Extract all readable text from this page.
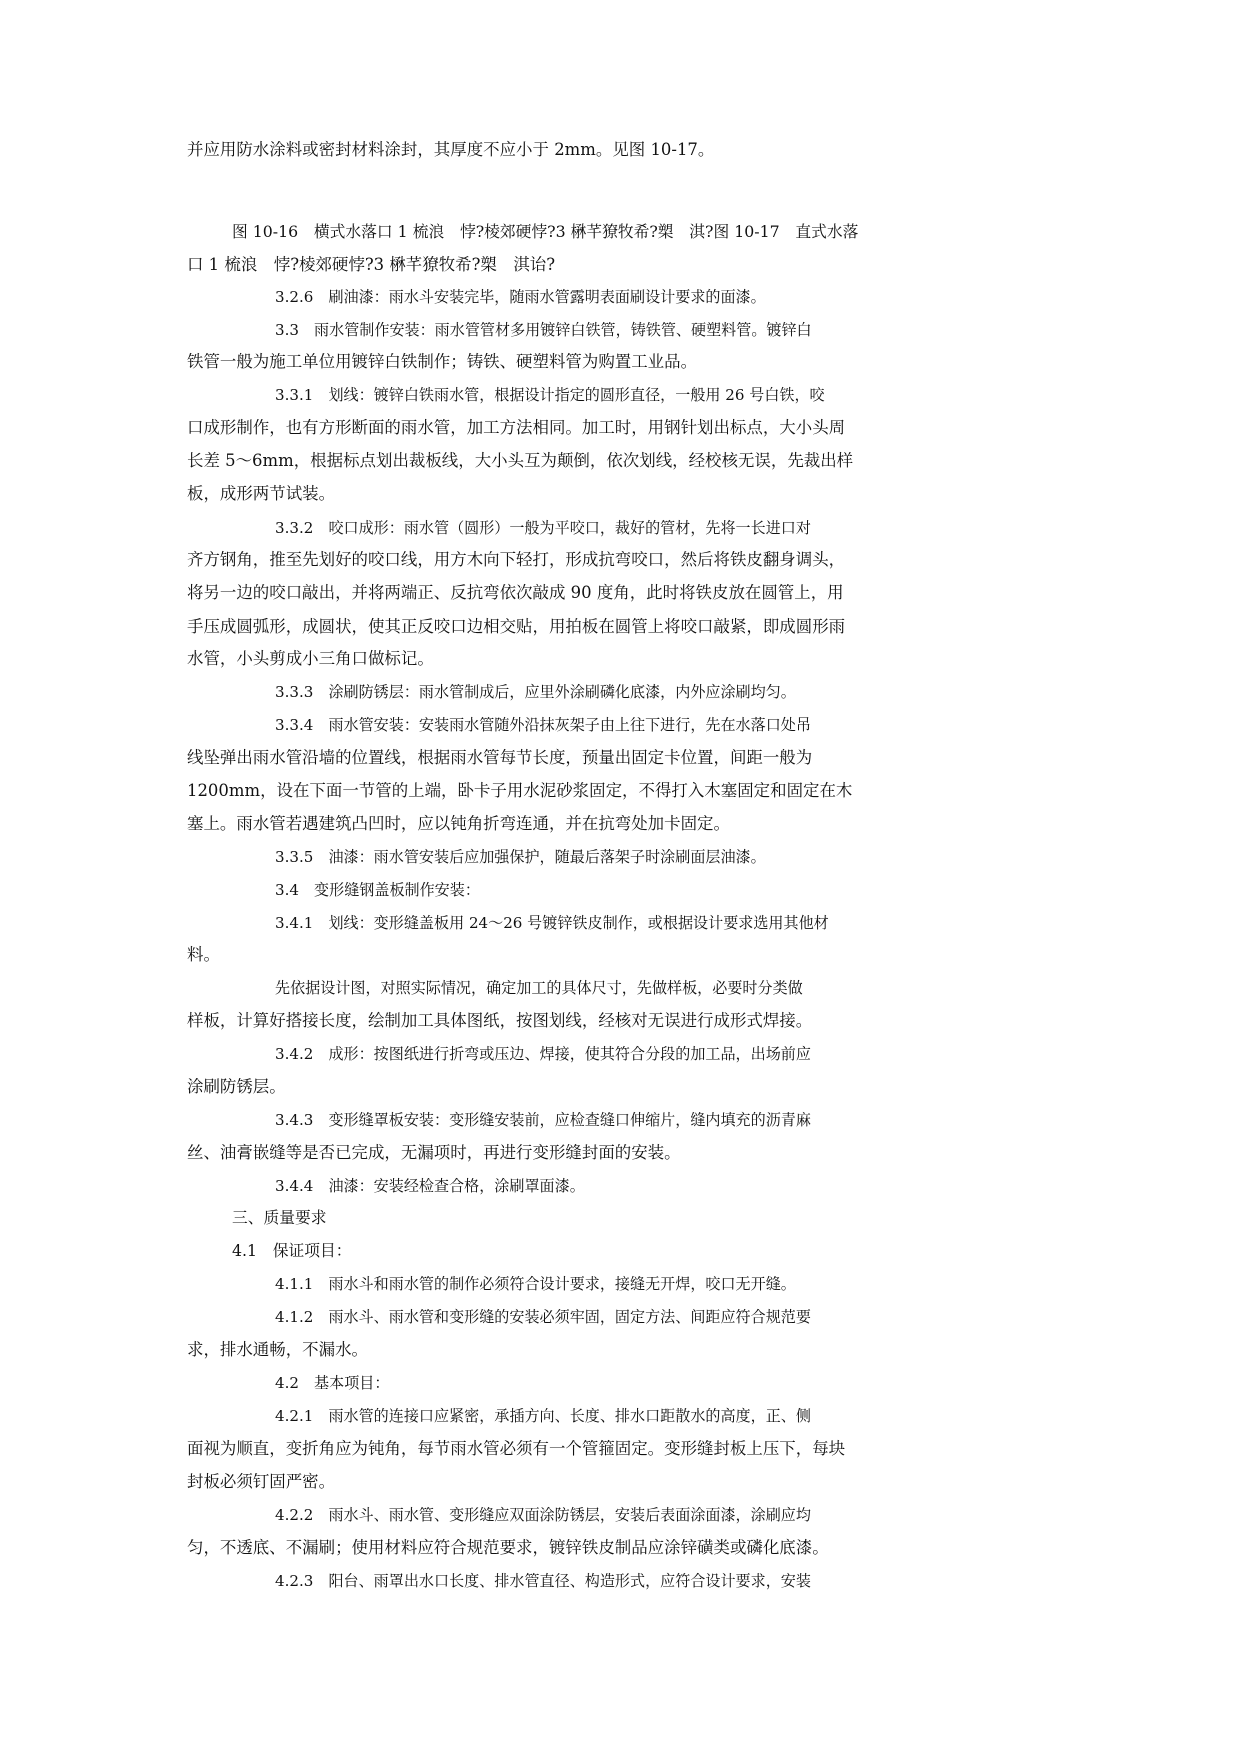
并应用防水涂料或密封材料涂封，其厚度不应小于 2mm。见图 10-17。
图 10-16　横式水落口 1 梳浪　悖?棱郊硬悖?3 楙芊獠牧希?槊　淇?图 10-17　直式水落
口 1 梳浪　悖?棱郊硬悖?3 楙芊獠牧希?槊　淇诒?
3.2.6　刷油漆：雨水斗安装完毕，随雨水管露明表面刷设计要求的面漆。
3.3　雨水管制作安装：雨水管管材多用镀锌白铁管，铸铁管、硬塑料管。镀锌白
铁管一般为施工单位用镀锌白铁制作；铸铁、硬塑料管为购置工业品。
3.3.1　划线：镀锌白铁雨水管，根据设计指定的圆形直径，一般用 26 号白铁，咬
口成形制作，也有方形断面的雨水管，加工方法相同。加工时，用钢针划出标点，大小头周
长差 5～6mm，根据标点划出裁板线，大小头互为颠倒，依次划线，经校核无误，先裁出样
板，成形两节试装。
3.3.2　咬口成形：雨水管（圆形）一般为平咬口，裁好的管材，先将一长进口对
齐方钢角，推至先划好的咬口线，用方木向下轻打，形成抗弯咬口，然后将铁皮翻身调头，
将另一边的咬口敲出，并将两端正、反抗弯依次敲成 90 度角，此时将铁皮放在圆管上，用
手压成圆弧形，成圆状，使其正反咬口边相交贴，用拍板在圆管上将咬口敲紧，即成圆形雨
水管，小头剪成小三角口做标记。
3.3.3　涂刷防锈层：雨水管制成后，应里外涂刷磷化底漆，内外应涂刷均匀。
3.3.4　雨水管安装：安装雨水管随外沿抹灰架子由上往下进行，先在水落口处吊
线坠弹出雨水管沿墙的位置线，根据雨水管每节长度，预量出固定卡位置，间距一般为
1200mm，设在下面一节管的上端，卧卡子用水泥砂浆固定，不得打入木塞固定和固定在木
塞上。雨水管若遇建筑凸凹时，应以钝角折弯连通，并在抗弯处加卡固定。
3.3.5　油漆：雨水管安装后应加强保护，随最后落架子时涂刷面层油漆。
3.4　变形缝钢盖板制作安装：
3.4.1　划线：变形缝盖板用 24～26 号镀锌铁皮制作，或根据设计要求选用其他材
料。
先依据设计图，对照实际情况，确定加工的具体尺寸，先做样板，必要时分类做
样板，计算好搭接长度，绘制加工具体图纸，按图划线，经核对无误进行成形式焊接。
3.4.2　成形：按图纸进行折弯或压边、焊接，使其符合分段的加工品，出场前应
涂刷防锈层。
3.4.3　变形缝罩板安装：变形缝安装前，应检查缝口伸缩片，缝内填充的沥青麻
丝、油膏嵌缝等是否已完成，无漏项时，再进行变形缝封面的安装。
3.4.4　油漆：安装经检查合格，涂刷罩面漆。
三、质量要求
4.1　保证项目：
4.1.1　雨水斗和雨水管的制作必须符合设计要求，接缝无开焊，咬口无开缝。
4.1.2　雨水斗、雨水管和变形缝的安装必须牢固，固定方法、间距应符合规范要
求，排水通畅，不漏水。
4.2　基本项目：
4.2.1　雨水管的连接口应紧密，承插方向、长度、排水口距散水的高度，正、侧
面视为顺直，变折角应为钝角，每节雨水管必须有一个管箍固定。变形缝封板上压下，每块
封板必须钉固严密。
4.2.2　雨水斗、雨水管、变形缝应双面涂防锈层，安装后表面涂面漆，涂刷应均
匀，不透底、不漏刷；使用材料应符合规范要求，镀锌铁皮制品应涂锌磺类或磷化底漆。
4.2.3　阳台、雨罩出水口长度、排水管直径、构造形式，应符合设计要求，安装
